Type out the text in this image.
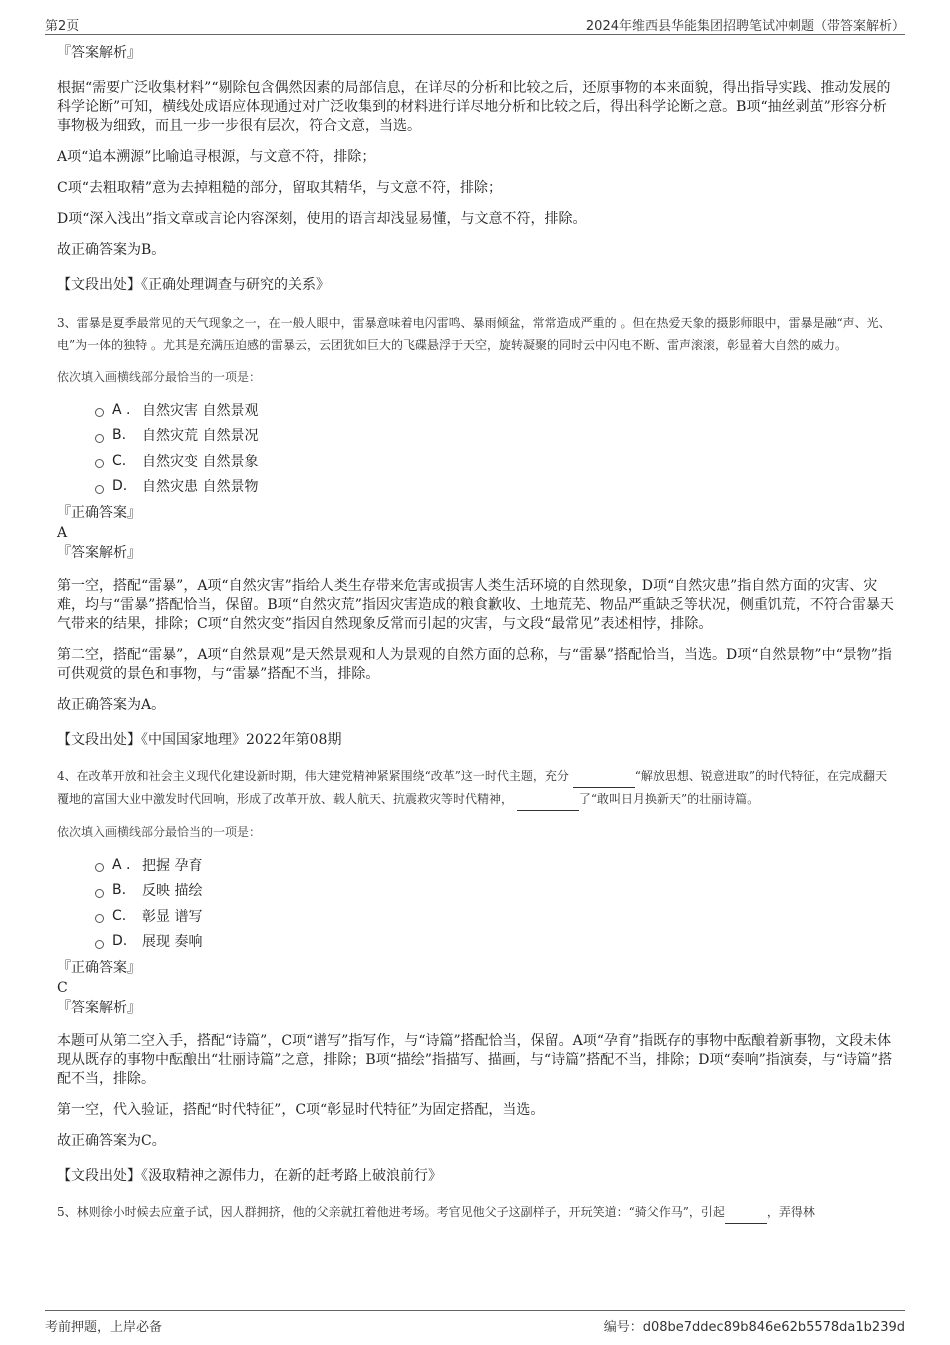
第2页	2024年维西县华能集团招聘笔试冲刺题（带答案解析）
『答案解析』
根据“需要广泛收集材料”“剔除包含偶然因素的局部信息，在详尽的分析和比较之后，还原事物的本来面貌，得出指导实践、推动发展的科学论断”可知，横线处成语应体现通过对广泛收集到的材料进行详尽地分析和比较之后，得出科学论断之意。B项“抽丝剥茧”形容分析事物极为细致，而且一步一步很有层次，符合文意，当选。
A项“追本溯源”比喻追寻根源，与文意不符，排除；
C项“去粗取精”意为去掉粗糙的部分，留取其精华，与文意不符，排除；
D项“深入浅出”指文章或言论内容深刻，使用的语言却浅显易懂，与文意不符，排除。
故正确答案为B。
【文段出处】《正确处理调查与研究的关系》
3、雷暴是夏季最常见的天气现象之一，在一般人眼中，雷暴意味着电闪雷鸣、暴雨倾盆，常常造成严重的 。但在热爱天象的摄影师眼中，雷暴是融“声、光、电”为一体的独特 。尤其是充满压迫感的雷暴云，云团犹如巨大的飞碟悬浮于天空，旋转凝聚的同时云中闪电不断、雷声滚滚，彰显着大自然的威力。
依次填入画横线部分最恰当的一项是：
A . 自然灾害 自然景观
B.	自然灾荒 自然景况
C.	自然灾变 自然景象
D.	自然灾患 自然景物
『正确答案』
A
『答案解析』
第一空，搭配“雷暴”，A项“自然灾害”指给人类生存带来危害或损害人类生活环境的自然现象，D项“自然灾患”指自然方面的灾害、灾难，均与“雷暴”搭配恰当，保留。B项“自然灾荒”指因灾害造成的粮食歉收、土地荒芜、物品严重缺乏等状况，侧重饥荒，不符合雷暴天气带来的结果，排除；C项“自然灾变”指因自然现象反常而引起的灾害，与文段“最常见”表述相悖，排除。
第二空，搭配“雷暴”，A项“自然景观”是天然景观和人为景观的自然方面的总称，与“雷暴”搭配恰当，当选。D项“自然景物”中“景物”指可供观赏的景色和事物，与“雷暴”搭配不当，排除。
故正确答案为A。
【文段出处】《中国国家地理》2022年第08期
4、在改革开放和社会主义现代化建设新时期，伟大建党精神紧紧围绕“改革”这一时代主题，充分	“解放思想、锐意进取”的时代特征，在完成翻天覆地的富国大业中激发时代回响，形成了改革开放、载人航天、抗震救灾等时代精神，	了“敢叫日月换新天”的壮丽诗篇。
依次填入画横线部分最恰当的一项是：
A . 把握 孕育
B.	反映 描绘
C.	彰显 谱写
D.	展现 奏响
『正确答案』
C
『答案解析』
本题可从第二空入手，搭配“诗篇”，C项“谱写”指写作，与“诗篇”搭配恰当，保留。A项“孕育”指既存的事物中酝酿着新事物，文段未体现从既存的事物中酝酿出“壮丽诗篇”之意，排除；B项“描绘”指描写、描画，与“诗篇”搭配不当，排除；D项“奏响”指演奏，与“诗篇”搭配不当，排除。
第一空，代入验证，搭配“时代特征”，C项“彰显时代特征”为固定搭配，当选。
故正确答案为C。
【文段出处】《汲取精神之源伟力，在新的赶考路上破浪前行》
5、林则徐小时候去应童子试，因人群拥挤，他的父亲就扛着他进考场。考官见他父子这副样子，开玩笑道：“骑父作马”，引起	，弄得林
考前押题，上岸必备	编号：d08be7ddec89b846e62b5578da1b239d
